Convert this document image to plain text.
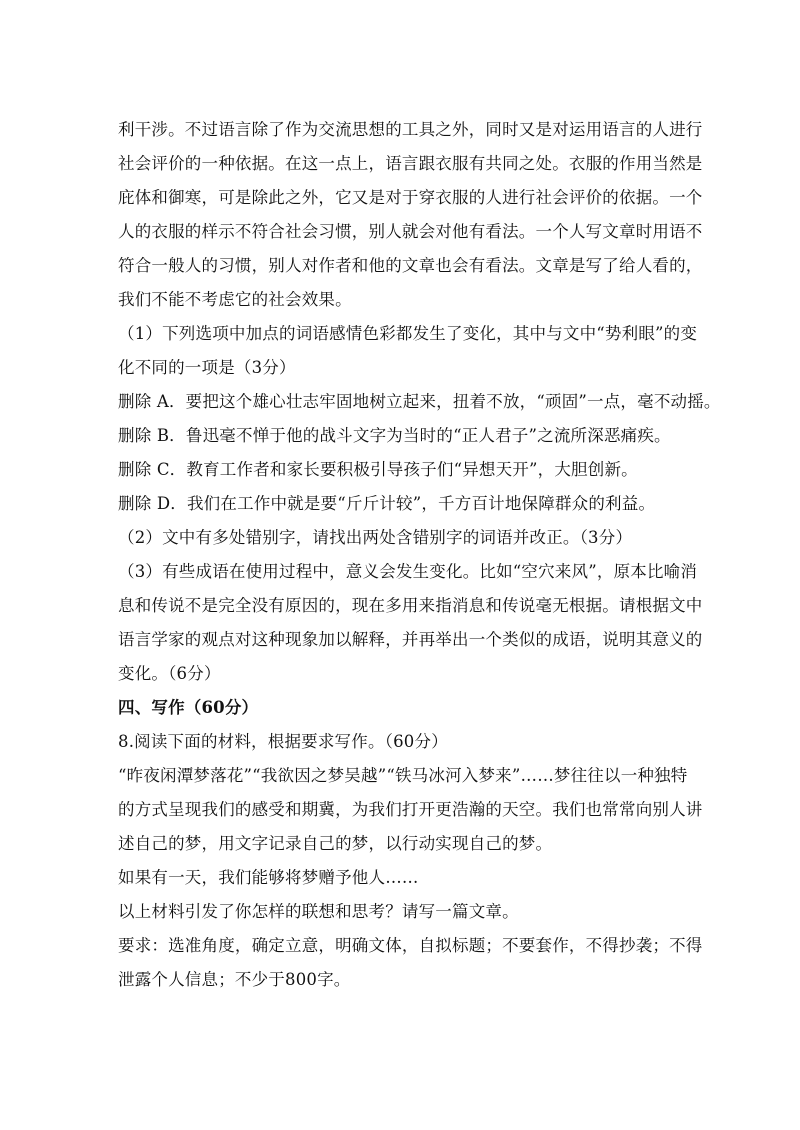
利干涉。不过语言除了作为交流思想的工具之外，同时又是对运用语言的人进行
社会评价的一种依据。在这一点上，语言跟衣服有共同之处。衣服的作用当然是
庇体和御寒，可是除此之外，它又是对于穿衣服的人进行社会评价的依据。一个
人的衣服的样示不符合社会习惯，别人就会对他有看法。一个人写文章时用语不
符合一般人的习惯，别人对作者和他的文章也会有看法。文章是写了给人看的，
我们不能不考虑它的社会效果。
（1）下列选项中加点的词语感情色彩都发生了变化，其中与文中“势利眼”的变
化不同的一项是（3分）
删除 A．要把这个雄心壮志牢固地树立起来，扭着不放，“顽固”一点，毫不动摇。
删除 B．鲁迅毫不惮于他的战斗文字为当时的“正人君子”之流所深恶痛疾。
删除 C．教育工作者和家长要积极引导孩子们“异想天开”，大胆创新。
删除 D．我们在工作中就是要“斤斤计较”，千方百计地保障群众的利益。
（2）文中有多处错别字，请找出两处含错别字的词语并改正。（3分）
（3）有些成语在使用过程中，意义会发生变化。比如“空穴来风”，原本比喻消
息和传说不是完全没有原因的，现在多用来指消息和传说毫无根据。请根据文中
语言学家的观点对这种现象加以解释，并再举出一个类似的成语，说明其意义的
变化。（6分）
四、写作（60分）
8.阅读下面的材料，根据要求写作。（60分）
“昨夜闲潭梦落花”“我欲因之梦吴越”“铁马冰河入梦来”……梦往往以一种独特
的方式呈现我们的感受和期冀，为我们打开更浩瀚的天空。我们也常常向别人讲
述自己的梦，用文字记录自己的梦，以行动实现自己的梦。
如果有一天，我们能够将梦赠予他人……
以上材料引发了你怎样的联想和思考？请写一篇文章。
要求：选准角度，确定立意，明确文体，自拟标题；不要套作，不得抄袭；不得
泄露个人信息；不少于800字。
